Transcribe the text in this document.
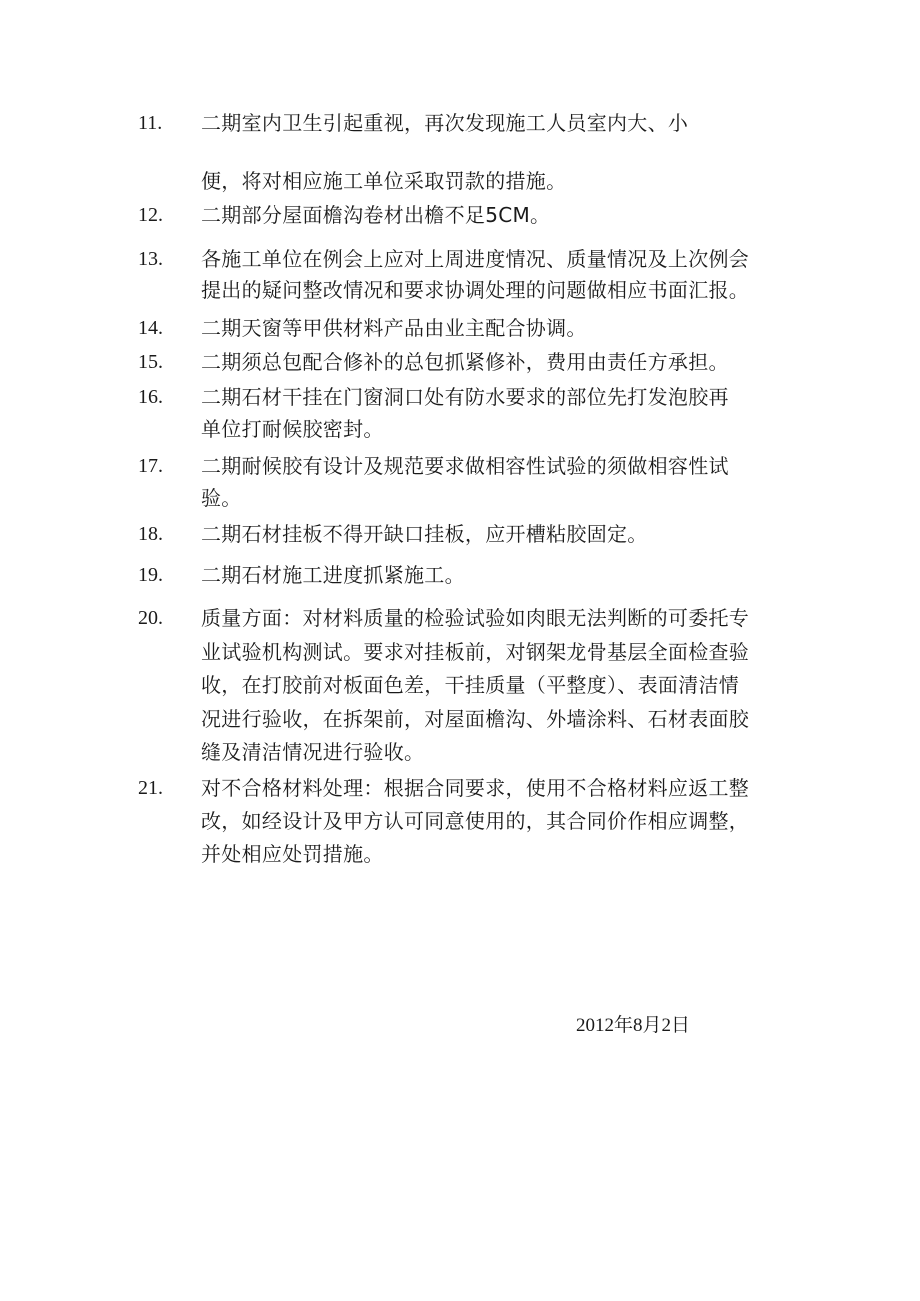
11. 二期室内卫生引起重视，再次发现施工人员室内大、小
便，将对相应施工单位采取罚款的措施。
12. 二期部分屋面檐沟卷材出檐不足5CM。
13. 各施工单位在例会上应对上周进度情况、质量情况及上次例会
提出的疑问整改情况和要求协调处理的问题做相应书面汇报。
14. 二期天窗等甲供材料产品由业主配合协调。
15. 二期须总包配合修补的总包抓紧修补，费用由责任方承担。
16. 二期石材干挂在门窗洞口处有防水要求的部位先打发泡胶再
单位打耐候胶密封。
17. 二期耐候胶有设计及规范要求做相容性试验的须做相容性试
验。
18. 二期石材挂板不得开缺口挂板，应开槽粘胶固定。
19. 二期石材施工进度抓紧施工。
20. 质量方面：对材料质量的检验试验如肉眼无法判断的可委托专
业试验机构测试。要求对挂板前，对钢架龙骨基层全面检查验
收，在打胶前对板面色差，干挂质量（平整度）、表面清洁情
况进行验收，在拆架前，对屋面檐沟、外墙涂料、石材表面胶
缝及清洁情况进行验收。
21. 对不合格材料处理：根据合同要求，使用不合格材料应返工整
改，如经设计及甲方认可同意使用的，其合同价作相应调整，
并处相应处罚措施。
2012年8月2日
